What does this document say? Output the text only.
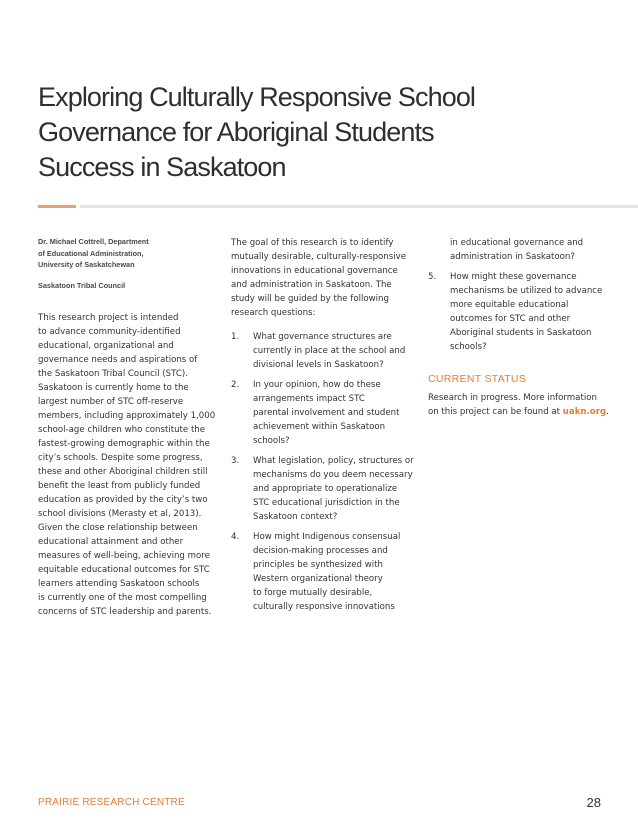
Exploring Culturally Responsive School
Governance for Aboriginal Students
Success in Saskatoon
Dr. Michael Cottrell, Department
of Educational Administration,
University of Saskatchewan
Saskatoon Tribal Council
This research project is intended
to advance community-identified
educational, organizational and
governance needs and aspirations of
the Saskatoon Tribal Council (STC).
Saskatoon is currently home to the
largest number of STC off-reserve
members, including approximately 1,000
school-age children who constitute the
fastest-growing demographic within the
city’s schools. Despite some progress,
these and other Aboriginal children still
benefit the least from publicly funded
education as provided by the city’s two
school divisions (Merasty et al, 2013).
Given the close relationship between
educational attainment and other
measures of well-being, achieving more
equitable educational outcomes for STC
learners attending Saskatoon schools
is currently one of the most compelling
concerns of STC leadership and parents.
The goal of this research is to identify
mutually desirable, culturally-responsive
innovations in educational governance
and administration in Saskatoon. The
study will be guided by the following
research questions:
1. What governance structures are
currently in place at the school and
divisional levels in Saskatoon?
2. In your opinion, how do these
arrangements impact STC
parental involvement and student
achievement within Saskatoon
schools?
3. What legislation, policy, structures or
mechanisms do you deem necessary
and appropriate to operationalize
STC educational jurisdiction in the
Saskatoon context?
4. How might Indigenous consensual
decision-making processes and
principles be synthesized with
Western organizational theory
to forge mutually desirable,
culturally responsive innovations
in educational governance and
administration in Saskatoon?
5. How might these governance
mechanisms be utilized to advance
more equitable educational
outcomes for STC and other
Aboriginal students in Saskatoon
schools?
CURRENT STATUS
Research in progress. More information
on this project can be found at uakn.org.
PRAIRIE RESEARCH CENTRE	28
